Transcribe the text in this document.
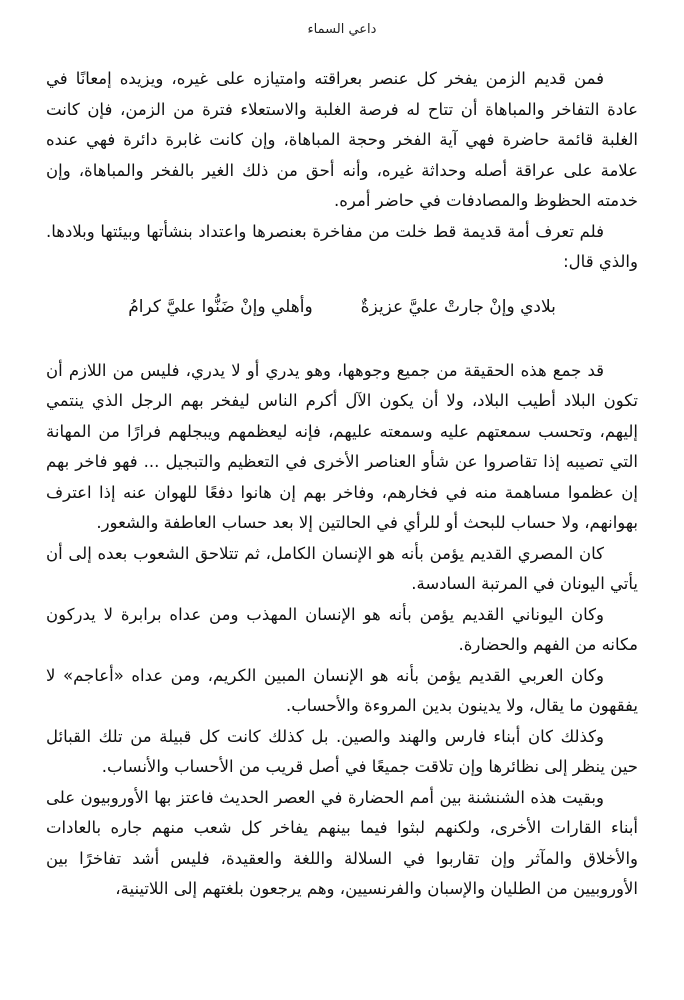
داعي السماء

فمن قديم الزمن يفخر كل عنصر بعراقته وامتيازه على غيره، ويزيده إمعانًا في عادة التفاخر والمباهاة أن تتاح له فرصة الغلبة والاستعلاء فترة من الزمن، فإن كانت الغلبة قائمة حاضرة فهي آية الفخر وحجة المباهاة، وإن كانت غابرة دائرة فهي عنده علامة على عراقة أصله وحداثة غيره، وأنه أحق من ذلك الغير بالفخر والمباهاة، وإن خدمته الحظوظ والمصادفات في حاضر أمره.

فلم تعرف أمة قديمة قط خلت من مفاخرة بعنصرها واعتداد بنشأتها وبيئتها وبلادها. والذي قال:

بلادي وإنْ جارتْ عليَّ عزيزةٌ
وأهلي وإنْ ضَنُّوا عليَّ كرامُ

قد جمع هذه الحقيقة من جميع وجوهها، وهو يدري أو لا يدري، فليس من اللازم أن تكون البلاد أطيب البلاد، ولا أن يكون الآل أكرم الناس ليفخر بهم الرجل الذي ينتمي إليهم، وتحسب سمعتهم عليه وسمعته عليهم، فإنه ليعظمهم ويبجلهم فرارًا من المهانة التي تصيبه إذا تقاصروا عن شأو العناصر الأخرى في التعظيم والتبجيل ... فهو فاخر بهم إن عظموا مساهمة منه في فخارهم، وفاخر بهم إن هانوا دفعًا للهوان عنه إذا اعترف بهوانهم، ولا حساب للبحث أو للرأي في الحالتين إلا بعد حساب العاطفة والشعور.

كان المصري القديم يؤمن بأنه هو الإنسان الكامل، ثم تتلاحق الشعوب بعده إلى أن يأتي اليونان في المرتبة السادسة.

وكان اليوناني القديم يؤمن بأنه هو الإنسان المهذب ومن عداه برابرة لا يدركون مكانه من الفهم والحضارة.

وكان العربي القديم يؤمن بأنه هو الإنسان المبين الكريم، ومن عداه «أعاجم» لا يفقهون ما يقال، ولا يدينون بدين المروءة والأحساب.

وكذلك كان أبناء فارس والهند والصين. بل كذلك كانت كل قبيلة من تلك القبائل حين ينظر إلى نظائرها وإن تلاقت جميعًا في أصل قريب من الأحساب والأنساب.

وبقيت هذه الشنشنة بين أمم الحضارة في العصر الحديث فاعتز بها الأوروبيون على أبناء القارات الأخرى، ولكنهم لبثوا فيما بينهم يفاخر كل شعب منهم جاره بالعادات والأخلاق والمآثر وإن تقاربوا في السلالة واللغة والعقيدة، فليس أشد تفاخرًا بين الأوروبيين من الطليان والإسبان والفرنسيين، وهم يرجعون بلغتهم إلى اللاتينية،
